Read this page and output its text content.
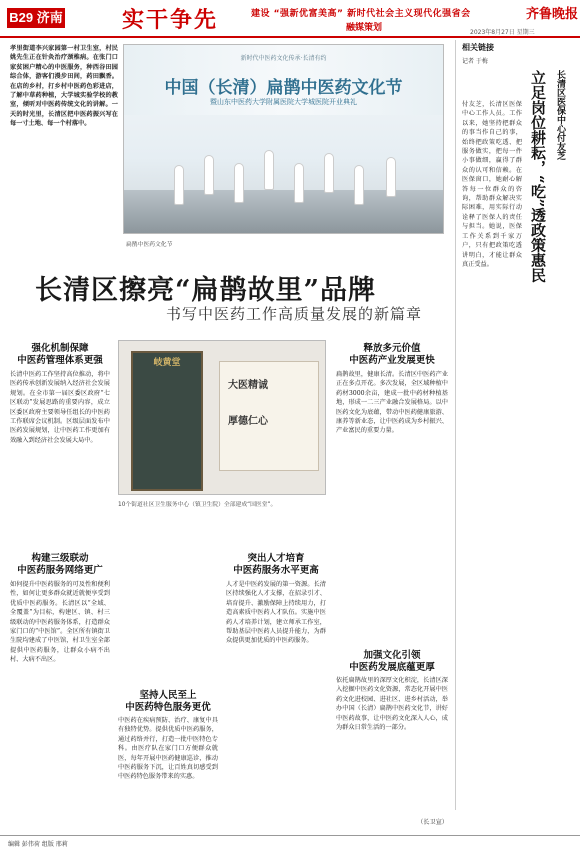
B29 济南	实干争先	建设 “强新优富美高” 新时代社会主义现代化强省会
融媒策划
齐鲁晚报
2023年8月27日 星期三
孝里街道李兴家园第一村卫生室，村民姚先生正在针灸治疗颈椎病。在张门口家贫困户精心的中医服务，种西谷田园综合体，游客们漫步田间，药田飘香。在店的乡村，打乡村中医药色彩进店，了解中草药种植，大学城实验学校的教室，倾听对中医药传统文化的讲解。一天的时光里，长清区把中医药振兴写在每一寸土地、每一个村落中。
新时代中医药文化传承·长清有约
中国（长清）扁鹊中医药文化节
暨山东中医药大学附属医院大学城医院开业典礼
扁鹊中医药文化节
长清区擦亮“扁鹊故里”品牌
书写中医药工作高质量发展的新篇章
强化机制保障
中医药管理体系更强
长清中医药工作坚持高位推动，将中医药传承创新发展纳入经济社会发展规划。在全市第一届区委区政府“七区联动”发展思路的重要内容，成立区委区政府主要领导任组长的中医药工作联席会议机制。区级层面发布中医药发展规划，让中医药工作更加有效融入到经济社会发展大局中。
构建三级联动
中医药服务网络更广
如何提升中医药服务的可及性和便利性，如何让更多群众就近就便享受到优质中医药服务。长清区以“全域、全覆盖”为目标，构建区、镇、村三级联动的中医药服务体系，打造群众家门口的“中医馆”。全区所有镇街卫生院均建成了中医馆，村卫生室全部提供中医药服务，让群众小病不出村、大病不出区。
岐黄堂
大医精诚
厚德仁心
10个街道社区卫生服务中心（镇卫生院）全部建成“国医堂”。
坚持人民至上
中医药特色服务更优
中医药在疾病预防、治疗、康复中具有独特优势。提供优质中医药服务，通过药络并行，打造一批中医特色专科。由医疗队在家门口方便群众就医，每年开展中医药健康巡诊，推动中医药服务下沉，让百姓真切感受到中医药特色服务带来的实惠。
突出人才培育
中医药服务水平更高
人才是中医药发展的第一资源。长清区持续强化人才支撑，在招录引才、培育提升、激励保障上持续用力，打造高素质中医药人才队伍。实施中医药人才培养计划，建立师承工作室，帮助基层中医药人员提升能力，为群众提供更加优质的中医药服务。
释放多元价值
中医药产业发展更快
扁鹊故里，健康长清。长清区中医药产业正在多点开花。多次发展，全区域种植中药材3000余亩，建成一批中药材种植基地，形成一二三产业融合发展格局。以中医药文化为底蕴，带动中医药健康旅游、康养等新业态，让中医药成为乡村振兴、产业富民的重要力量。
加强文化引领
中医药发展底蕴更厚
依托扁鹊故里的深厚文化积淀，长清区深入挖掘中医药文化资源，常态化开展中医药文化进校园、进社区、进乡村活动，举办中国（长清）扁鹊中医药文化节，讲好中医药故事，让中医药文化深入人心，成为群众日常生活的一部分。
（长卫宣）
相关链接
记者 于梅
长清区医保中心付友芝
立足岗位耕耘，“吃”透政策惠民
付友芝，长清区医保中心工作人员。工作以来，她坚持把群众的事当作自己的事，始终把政策吃透、把服务做实，把每一件小事做细，赢得了群众的认可和信赖。在医保窗口，她耐心解答每一位群众的咨询，帮助群众解决实际困难，用实际行动诠释了医保人的责任与担当。她说，医保工作关系到千家万户，只有把政策吃透讲明白，才能让群众真正受益。
编辑 彭伟荷 组版 邢莉
